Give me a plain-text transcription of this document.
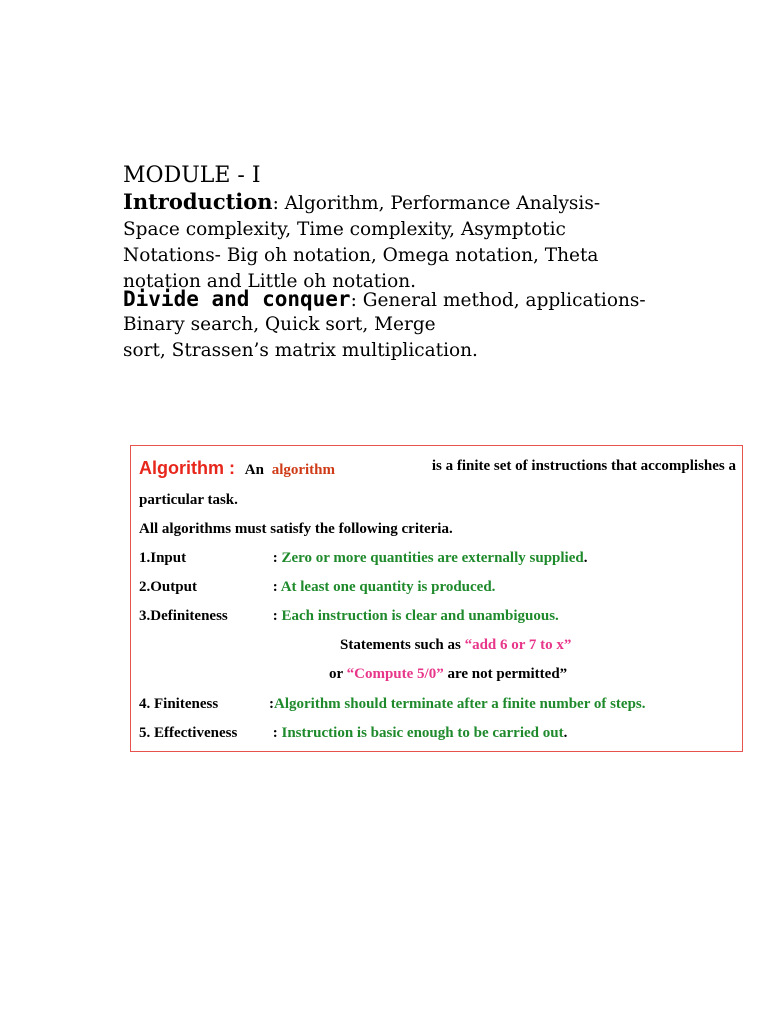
MODULE - I
Introduction: Algorithm, Performance Analysis-
Space complexity, Time complexity, Asymptotic
Notations- Big oh notation, Omega notation, Theta
notation and Little oh notation.
Divide and conquer: General method, applications-
Binary search, Quick sort, Merge
sort, Strassen’s matrix multiplication.
Algorithm : An algorithm	is a finite set of instructions that accomplishes a
particular task.
All algorithms must satisfy the following criteria.
1.Input	: Zero or more quantities are externally supplied.
2.Output	: At least one quantity is produced.
3.Definiteness	: Each instruction is clear and unambiguous.
Statements such as “add 6 or 7 to x”
or “Compute 5/0” are not permitted”
4. Finiteness	:Algorithm should terminate after a finite number of steps.
5. Effectiveness : Instruction is basic enough to be carried out.
